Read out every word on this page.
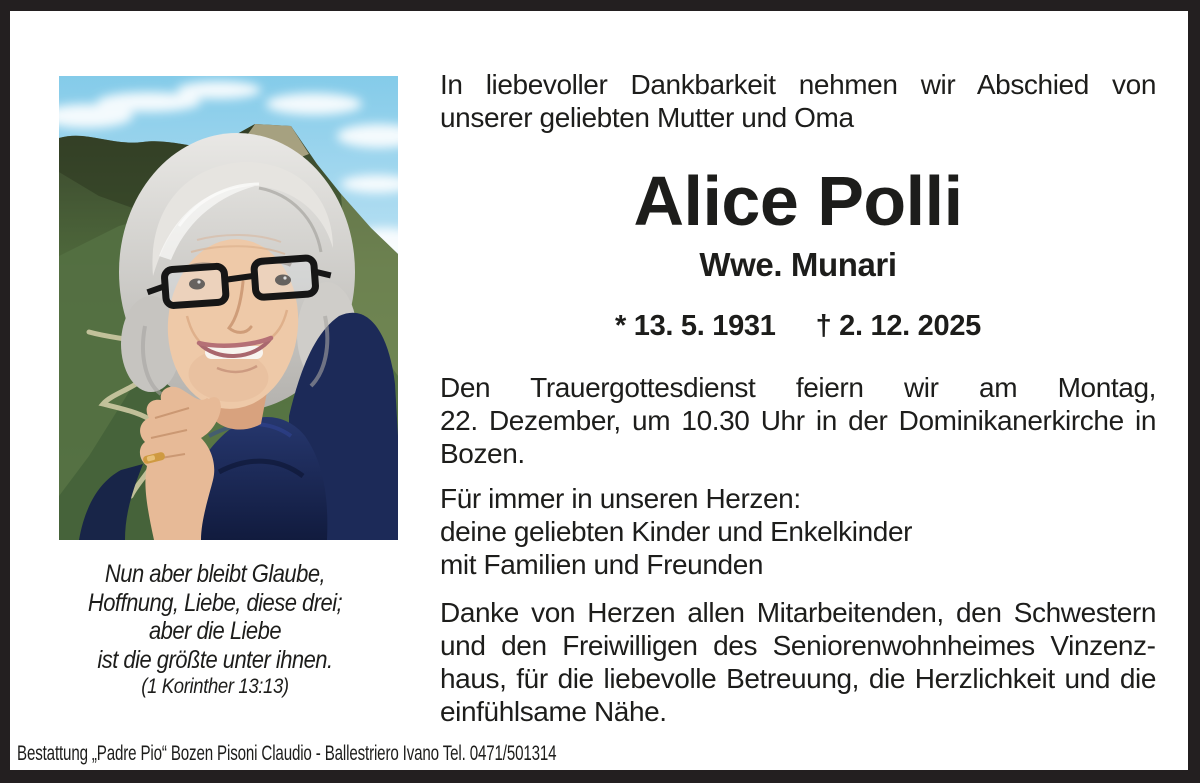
Nun aber bleibt Glaube,
Hoffnung, Liebe, diese drei;
aber die Liebe
ist die größte unter ihnen.
(1 Korinther 13:13)
In liebevoller Dankbarkeit nehmen wir Abschied von unserer geliebten Mutter und Oma
Alice Polli
Wwe. Munari
* 13. 5. 1931 † 2. 12. 2025
Den Trauergottesdienst feiern wir am Montag, 22. Dezember, um 10.30 Uhr in der Dominikanerkirche in Bozen.
Für immer in unseren Herzen:
deine geliebten Kinder und Enkelkinder
mit Familien und Freunden
Danke von Herzen allen Mitarbeitenden, den Schwestern und den Freiwilligen des Seniorenwohnheimes Vinzenzhaus, für die liebevolle Betreuung, die Herzlichkeit und die einfühlsame Nähe.
Bestattung „Padre Pio“ Bozen Pisoni Claudio - Ballestriero Ivano Tel. 0471/501314
